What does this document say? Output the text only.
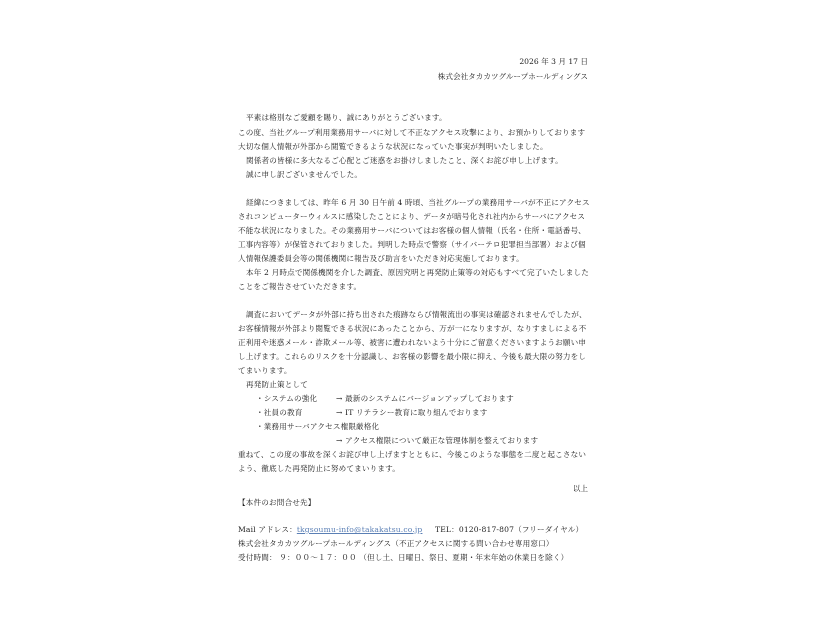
2026 年 3 月 17 日
株式会社タカカツグループホールディングス
平素は格別なご愛顧を賜り、誠にありがとうございます。
この度、当社グループ利用業務用サーバに対して不正なアクセス攻撃により、お預かりしております
大切な個人情報が外部から閲覧できるような状況になっていた事実が判明いたしました。
関係者の皆様に多大なるご心配とご迷惑をお掛けしましたこと、深くお詫び申し上げます。
誠に申し訳ございませんでした。
経緯につきましては、昨年 6 月 30 日午前 4 時頃、当社グループの業務用サーバが不正にアクセス
されコンピューターウィルスに感染したことにより、データが暗号化され社内からサーバにアクセス
不能な状況になりました。その業務用サーバについてはお客様の個人情報（氏名・住所・電話番号、
工事内容等）が保管されておりました。判明した時点で警察（サイバーテロ犯罪担当部署）および個
人情報保護委員会等の関係機関に報告及び助言をいただき対応実施しております。
本年 2 月時点で関係機関を介した調査、原因究明と再発防止策等の対応もすべて完了いたしました
ことをご報告させていただきます。
調査においてデータが外部に持ち出された痕跡ならび情報流出の事実は確認されませんでしたが、
お客様情報が外部より閲覧できる状況にあったことから、万が一になりますが、なりすましによる不
正利用や迷惑メール・詐欺メール等、被害に遭われないよう十分にご留意くださいますようお願い申
し上げます。これらのリスクを十分認識し、お客様の影響を最小限に抑え、今後も最大限の努力をし
てまいります。
再発防止策として
・システムの強化 → 最新のシステムにバージョンアップしております
・社員の教育	→ IT リテラシー教育に取り組んでおります
・業務用サーバアクセス権限厳格化
→ アクセス権限について厳正な管理体制を整えております
重ねて、この度の事故を深くお詫び申し上げますとともに、今後このような事態を二度と起こさない
よう、徹底した再発防止に努めてまいります。
以上
【本件のお問合せ先】
Mail アドレス：tkgsoumu-info@takakatsu.co.jp TEL：0120-817-807（フリーダイヤル）
株式会社タカカツグループホールディングス（不正アクセスに関する問い合わせ専用窓口）
受付時間： ９：００～１７：００ （但し土、日曜日、祭日、夏期・年末年始の休業日を除く）
